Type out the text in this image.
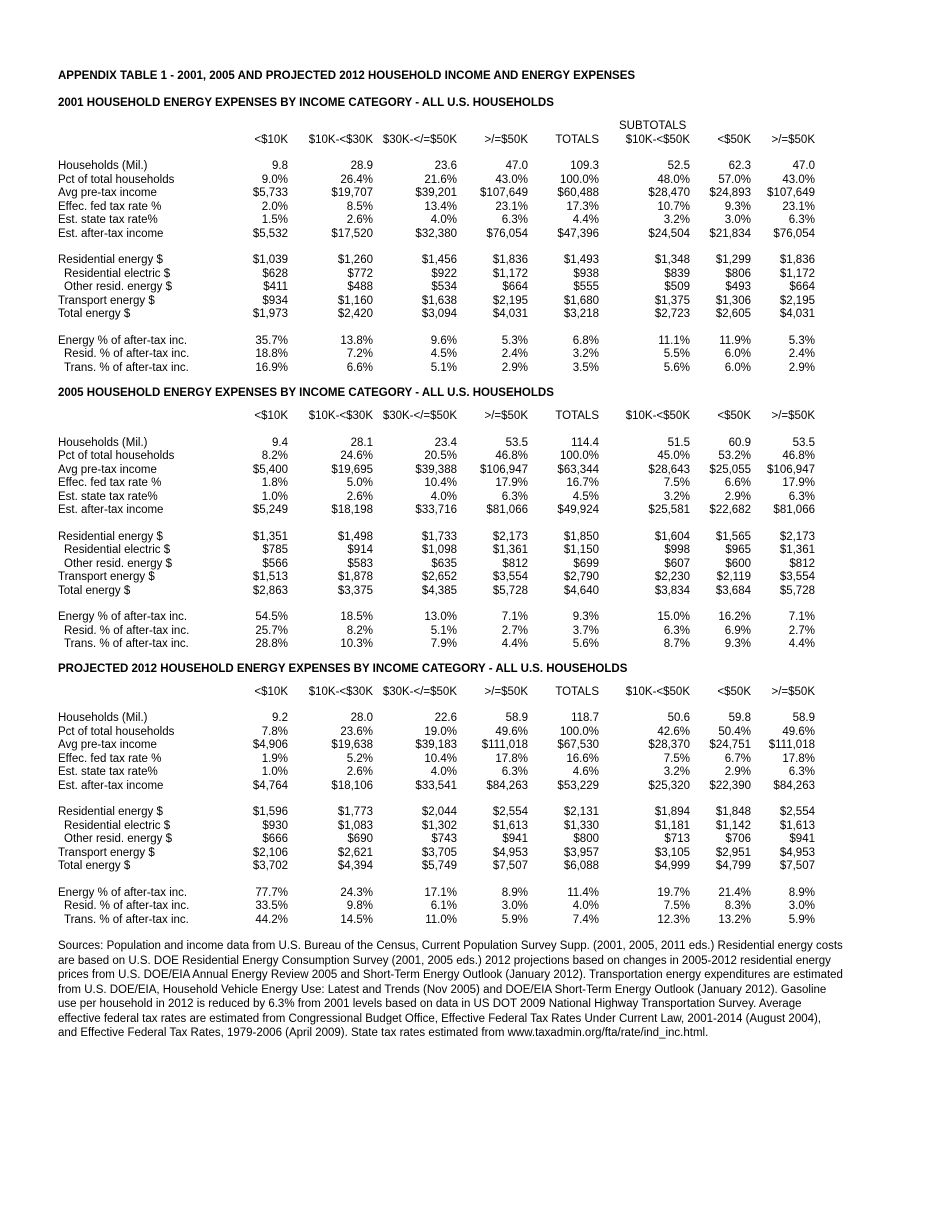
APPENDIX TABLE 1 - 2001, 2005 AND PROJECTED 2012 HOUSEHOLD INCOME AND ENERGY EXPENSES
2001 HOUSEHOLD ENERGY EXPENSES BY INCOME CATEGORY - ALL U.S. HOUSEHOLDS
						SUBTOTALS		
	<$10K	$10K-<$30K	$30K-</=$50K	>/=$50K	TOTALS	$10K-<$50K	<$50K	>/=$50K

Households (Mil.)	9.8	28.9	23.6	47.0	109.3	52.5	62.3	47.0
Pct of total households	9.0%	26.4%	21.6%	43.0%	100.0%	48.0%	57.0%	43.0%
Avg pre-tax income	$5,733	$19,707	$39,201	$107,649	$60,488	$28,470	$24,893	$107,649
Effec. fed tax rate %	2.0%	8.5%	13.4%	23.1%	17.3%	10.7%	9.3%	23.1%
Est. state tax rate%	1.5%	2.6%	4.0%	6.3%	4.4%	3.2%	3.0%	6.3%
Est. after-tax income	$5,532	$17,520	$32,380	$76,054	$47,396	$24,504	$21,834	$76,054

Residential energy $	$1,039	$1,260	$1,456	$1,836	$1,493	$1,348	$1,299	$1,836
Residential electric $	$628	$772	$922	$1,172	$938	$839	$806	$1,172
Other resid. energy $	$411	$488	$534	$664	$555	$509	$493	$664
Transport energy $	$934	$1,160	$1,638	$2,195	$1,680	$1,375	$1,306	$2,195
Total energy $	$1,973	$2,420	$3,094	$4,031	$3,218	$2,723	$2,605	$4,031

Energy % of after-tax inc.	35.7%	13.8%	9.6%	5.3%	6.8%	11.1%	11.9%	5.3%
Resid. % of after-tax inc.	18.8%	7.2%	4.5%	2.4%	3.2%	5.5%	6.0%	2.4%
Trans. % of after-tax inc.	16.9%	6.6%	5.1%	2.9%	3.5%	5.6%	6.0%	2.9%
2005 HOUSEHOLD ENERGY EXPENSES BY INCOME CATEGORY - ALL U.S. HOUSEHOLDS
	<$10K	$10K-<$30K	$30K-</=$50K	>/=$50K	TOTALS	$10K-<$50K	<$50K	>/=$50K

Households (Mil.)	9.4	28.1	23.4	53.5	114.4	51.5	60.9	53.5
Pct of total households	8.2%	24.6%	20.5%	46.8%	100.0%	45.0%	53.2%	46.8%
Avg pre-tax income	$5,400	$19,695	$39,388	$106,947	$63,344	$28,643	$25,055	$106,947
Effec. fed tax rate %	1.8%	5.0%	10.4%	17.9%	16.7%	7.5%	6.6%	17.9%
Est. state tax rate%	1.0%	2.6%	4.0%	6.3%	4.5%	3.2%	2.9%	6.3%
Est. after-tax income	$5,249	$18,198	$33,716	$81,066	$49,924	$25,581	$22,682	$81,066

Residential energy $	$1,351	$1,498	$1,733	$2,173	$1,850	$1,604	$1,565	$2,173
Residential electric $	$785	$914	$1,098	$1,361	$1,150	$998	$965	$1,361
Other resid. energy $	$566	$583	$635	$812	$699	$607	$600	$812
Transport energy $	$1,513	$1,878	$2,652	$3,554	$2,790	$2,230	$2,119	$3,554
Total energy $	$2,863	$3,375	$4,385	$5,728	$4,640	$3,834	$3,684	$5,728

Energy % of after-tax inc.	54.5%	18.5%	13.0%	7.1%	9.3%	15.0%	16.2%	7.1%
Resid. % of after-tax inc.	25.7%	8.2%	5.1%	2.7%	3.7%	6.3%	6.9%	2.7%
Trans. % of after-tax inc.	28.8%	10.3%	7.9%	4.4%	5.6%	8.7%	9.3%	4.4%
PROJECTED 2012 HOUSEHOLD ENERGY EXPENSES BY INCOME CATEGORY - ALL U.S. HOUSEHOLDS
	<$10K	$10K-<$30K	$30K-</=$50K	>/=$50K	TOTALS	$10K-<$50K	<$50K	>/=$50K

Households (Mil.)	9.2	28.0	22.6	58.9	118.7	50.6	59.8	58.9
Pct of total households	7.8%	23.6%	19.0%	49.6%	100.0%	42.6%	50.4%	49.6%
Avg pre-tax income	$4,906	$19,638	$39,183	$111,018	$67,530	$28,370	$24,751	$111,018
Effec. fed tax rate %	1.9%	5.2%	10.4%	17.8%	16.6%	7.5%	6.7%	17.8%
Est. state tax rate%	1.0%	2.6%	4.0%	6.3%	4.6%	3.2%	2.9%	6.3%
Est. after-tax income	$4,764	$18,106	$33,541	$84,263	$53,229	$25,320	$22,390	$84,263

Residential energy $	$1,596	$1,773	$2,044	$2,554	$2,131	$1,894	$1,848	$2,554
Residential electric $	$930	$1,083	$1,302	$1,613	$1,330	$1,181	$1,142	$1,613
Other resid. energy $	$666	$690	$743	$941	$800	$713	$706	$941
Transport energy $	$2,106	$2,621	$3,705	$4,953	$3,957	$3,105	$2,951	$4,953
Total energy $	$3,702	$4,394	$5,749	$7,507	$6,088	$4,999	$4,799	$7,507

Energy % of after-tax inc.	77.7%	24.3%	17.1%	8.9%	11.4%	19.7%	21.4%	8.9%
Resid. % of after-tax inc.	33.5%	9.8%	6.1%	3.0%	4.0%	7.5%	8.3%	3.0%
Trans. % of after-tax inc.	44.2%	14.5%	11.0%	5.9%	7.4%	12.3%	13.2%	5.9%
Sources: Population and income data from U.S. Bureau of the Census, Current Population Survey Supp. (2001, 2005, 2011 eds.) Residential energy costs are based on U.S. DOE Residential Energy Consumption Survey (2001, 2005 eds.) 2012 projections based on changes in 2005-2012 residential energy prices from U.S. DOE/EIA Annual Energy Review 2005 and Short-Term Energy Outlook (January 2012). Transportation energy expenditures are estimated from U.S. DOE/EIA, Household Vehicle Energy Use: Latest and Trends (Nov 2005) and DOE/EIA Short-Term Energy Outlook (January 2012). Gasoline use per household in 2012 is reduced by 6.3% from 2001 levels based on data in US DOT 2009 National Highway Transportation Survey. Average effective federal tax rates are estimated from Congressional Budget Office, Effective Federal Tax Rates Under Current Law, 2001-2014 (August 2004), and Effective Federal Tax Rates, 1979-2006 (April 2009). State tax rates estimated from www.taxadmin.org/fta/rate/ind_inc.html.
